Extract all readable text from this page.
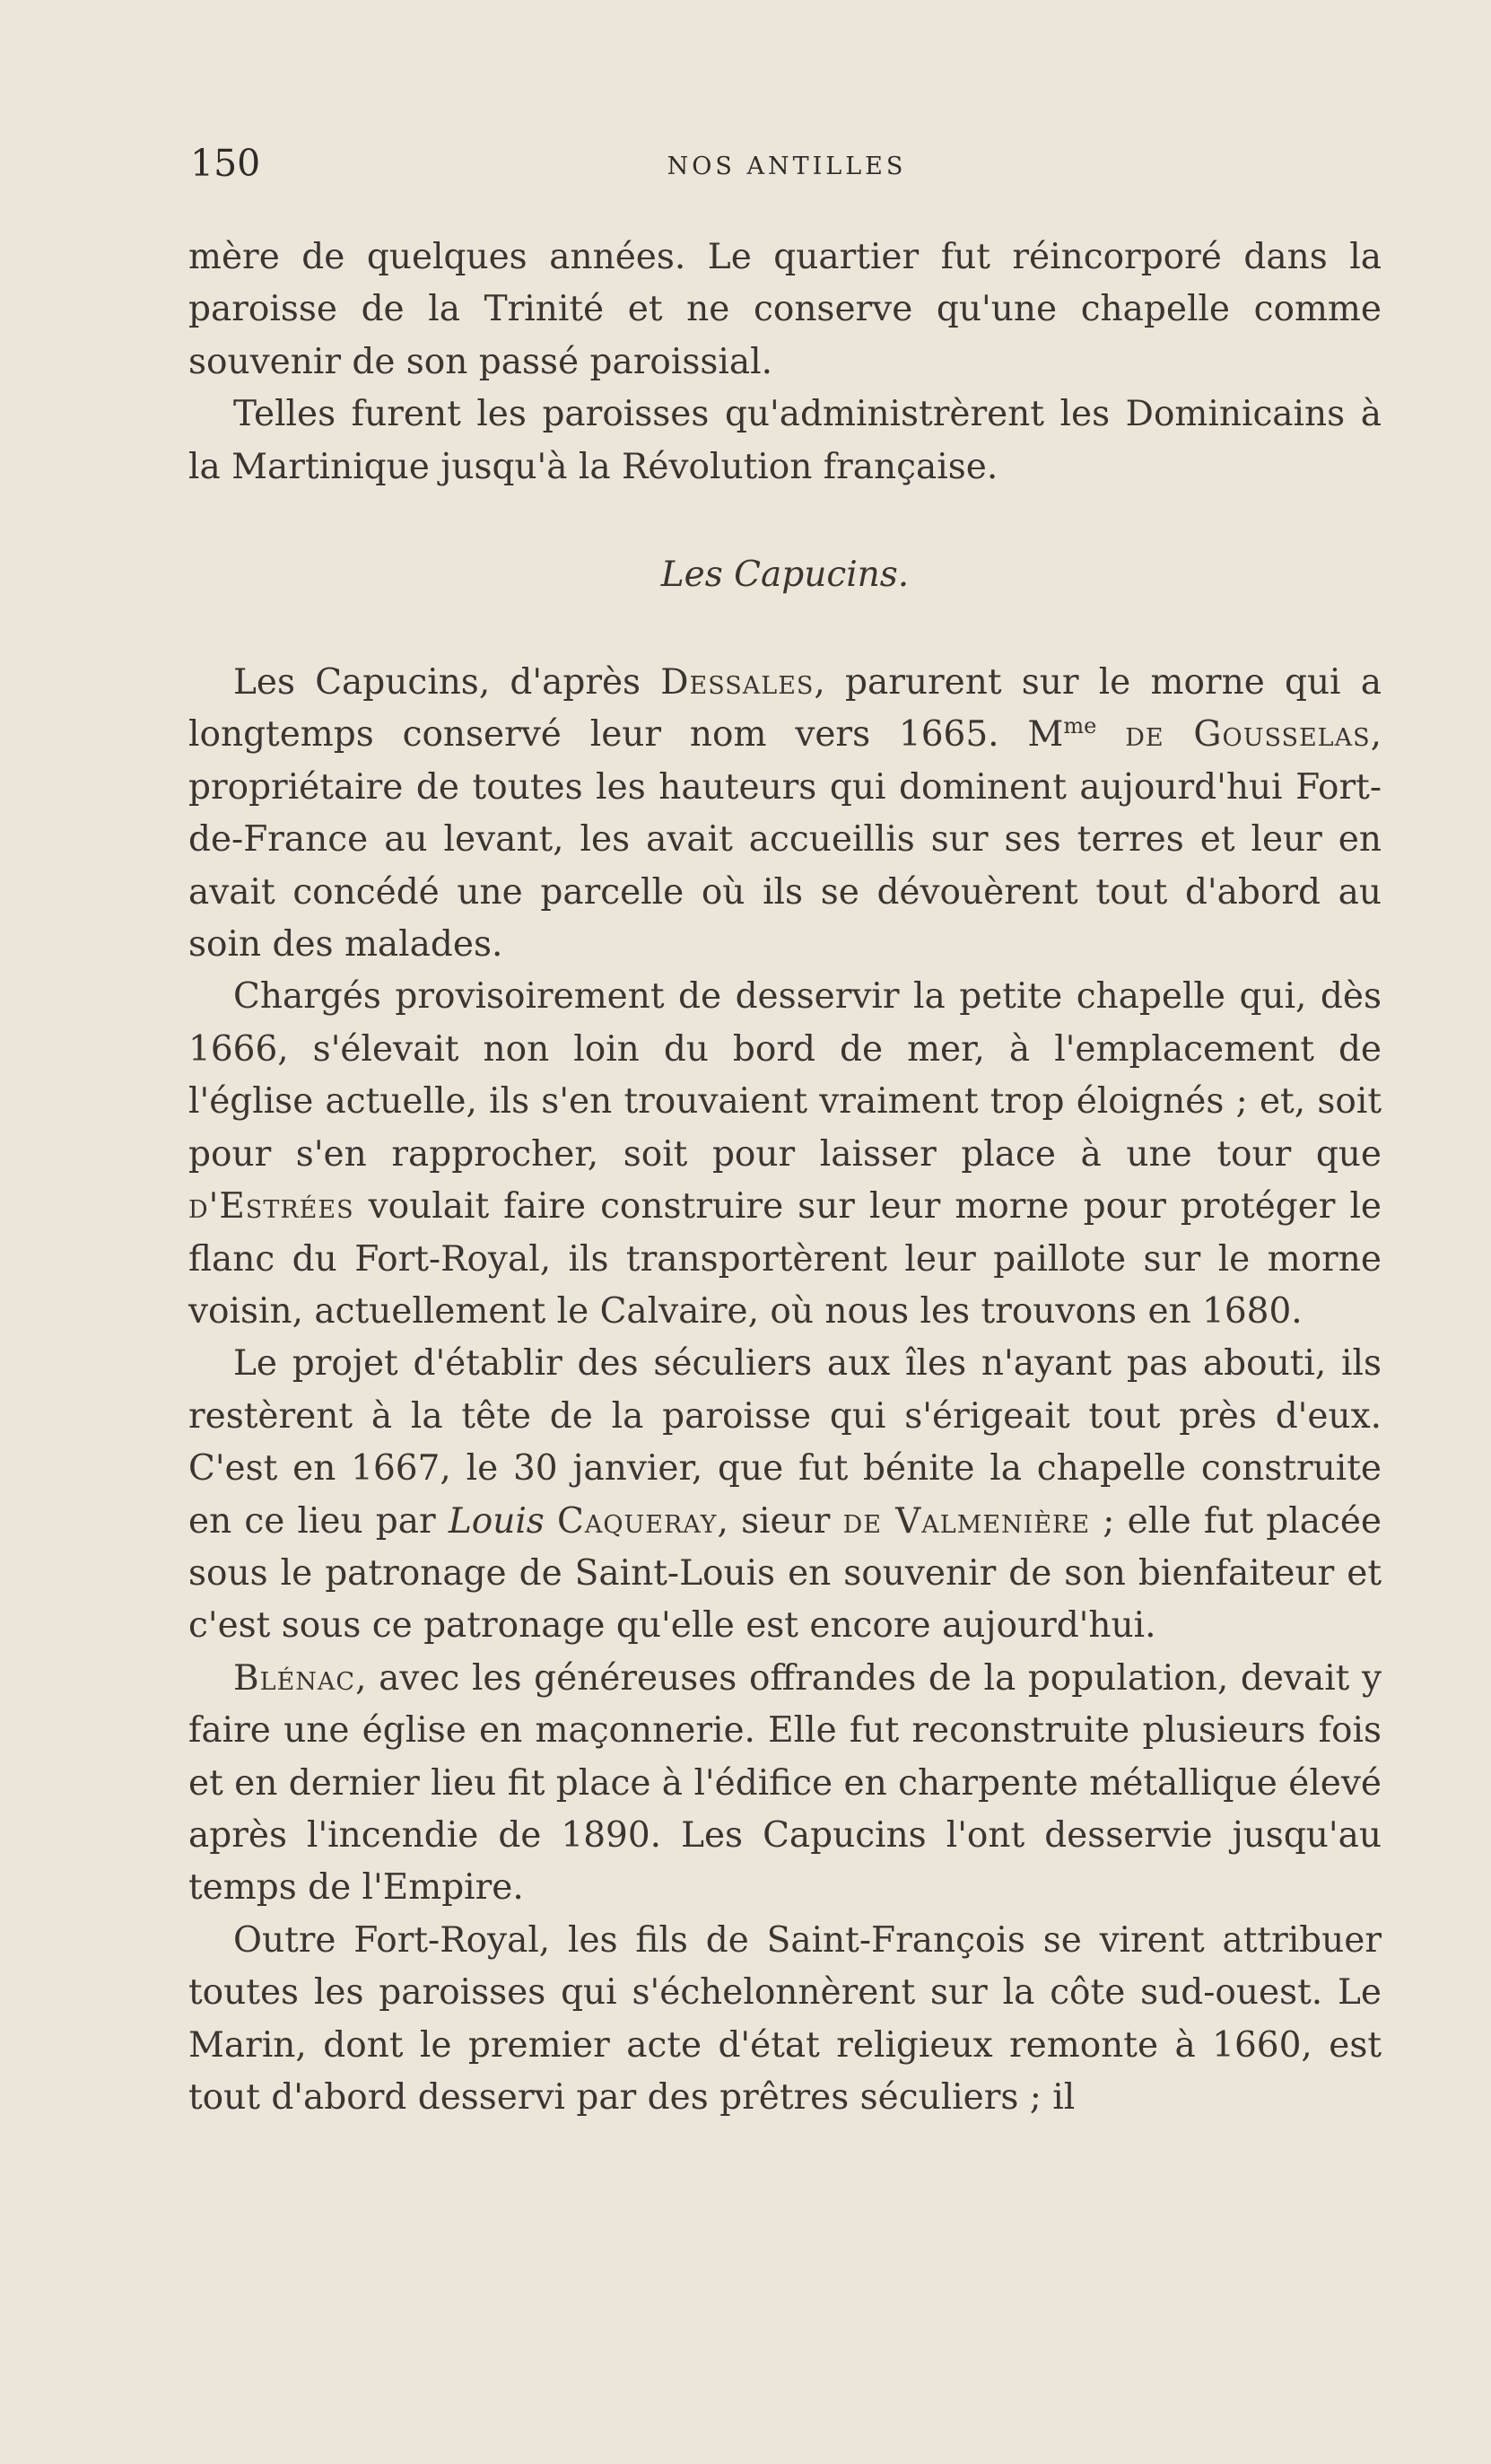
150	NOS ANTILLES

mère de quelques années. Le quartier fut réincorporé dans la paroisse de la Trinité et ne conserve qu'une chapelle comme souvenir de son passé paroissial.

Telles furent les paroisses qu'administrèrent les Dominicains à la Martinique jusqu'à la Révolution française.

Les Capucins.

Les Capucins, d'après Dessales, parurent sur le morne qui a longtemps conservé leur nom vers 1665. $M^{me}$ de Gousselas, propriétaire de toutes les hauteurs qui dominent aujourd'hui Fort-de-France au levant, les avait accueillis sur ses terres et leur en avait concédé une parcelle où ils se dévouèrent tout d'abord au soin des malades.

Chargés provisoirement de desservir la petite chapelle qui, dès 1666, s'élevait non loin du bord de mer, à l'emplacement de l'église actuelle, ils s'en trouvaient vraiment trop éloignés ; et, soit pour s'en rapprocher, soit pour laisser place à une tour que d'Estrées voulait faire construire sur leur morne pour protéger le flanc du Fort-Royal, ils transportèrent leur paillote sur le morne voisin, actuellement le Calvaire, où nous les trouvons en 1680.

Le projet d'établir des séculiers aux îles n'ayant pas abouti, ils restèrent à la tête de la paroisse qui s'érigeait tout près d'eux. C'est en 1667, le 30 janvier, que fut bénite la chapelle construite en ce lieu par Louis Caqueray, sieur de Valmenière ; elle fut placée sous le patronage de Saint-Louis en souvenir de son bienfaiteur et c'est sous ce patronage qu'elle est encore aujourd'hui.

Blénac, avec les généreuses offrandes de la population, devait y faire une église en maçonnerie. Elle fut reconstruite plusieurs fois et en dernier lieu fit place à l'édifice en charpente métallique élevé après l'incendie de 1890. Les Capucins l'ont desservie jusqu'au temps de l'Empire.

Outre Fort-Royal, les fils de Saint-François se virent attribuer toutes les paroisses qui s'échelonnèrent sur la côte sud-ouest. Le Marin, dont le premier acte d'état religieux remonte à 1660, est tout d'abord desservi par des prêtres séculiers ; il
